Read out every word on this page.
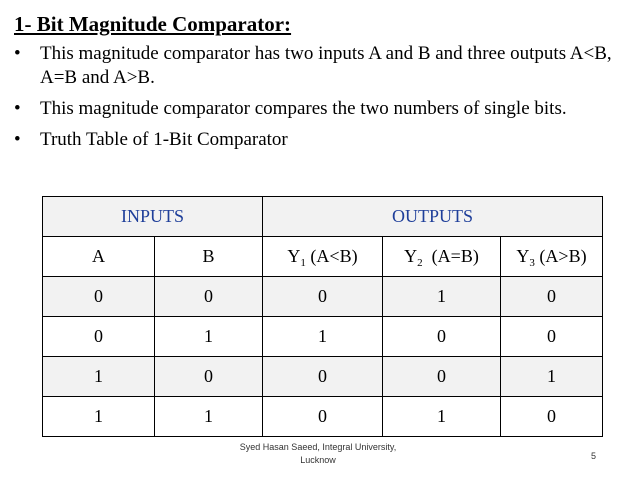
1- Bit Magnitude Comparator:
•	This magnitude comparator has two inputs A and B and three outputs A<B, A=B and A>B.
•	This magnitude comparator compares the two numbers of single bits.
•	Truth Table of 1-Bit Comparator
INPUTS		OUTPUTS		
A	B	$Y_1$ (A<B)	$Y_2$  (A=B)	$Y_3$ (A>B)
0	0	0	1	0
0	1	1	0	0
1	0	0	0	1
1	1	0	1	0
Syed Hasan Saeed, Integral University,
Lucknow	5
